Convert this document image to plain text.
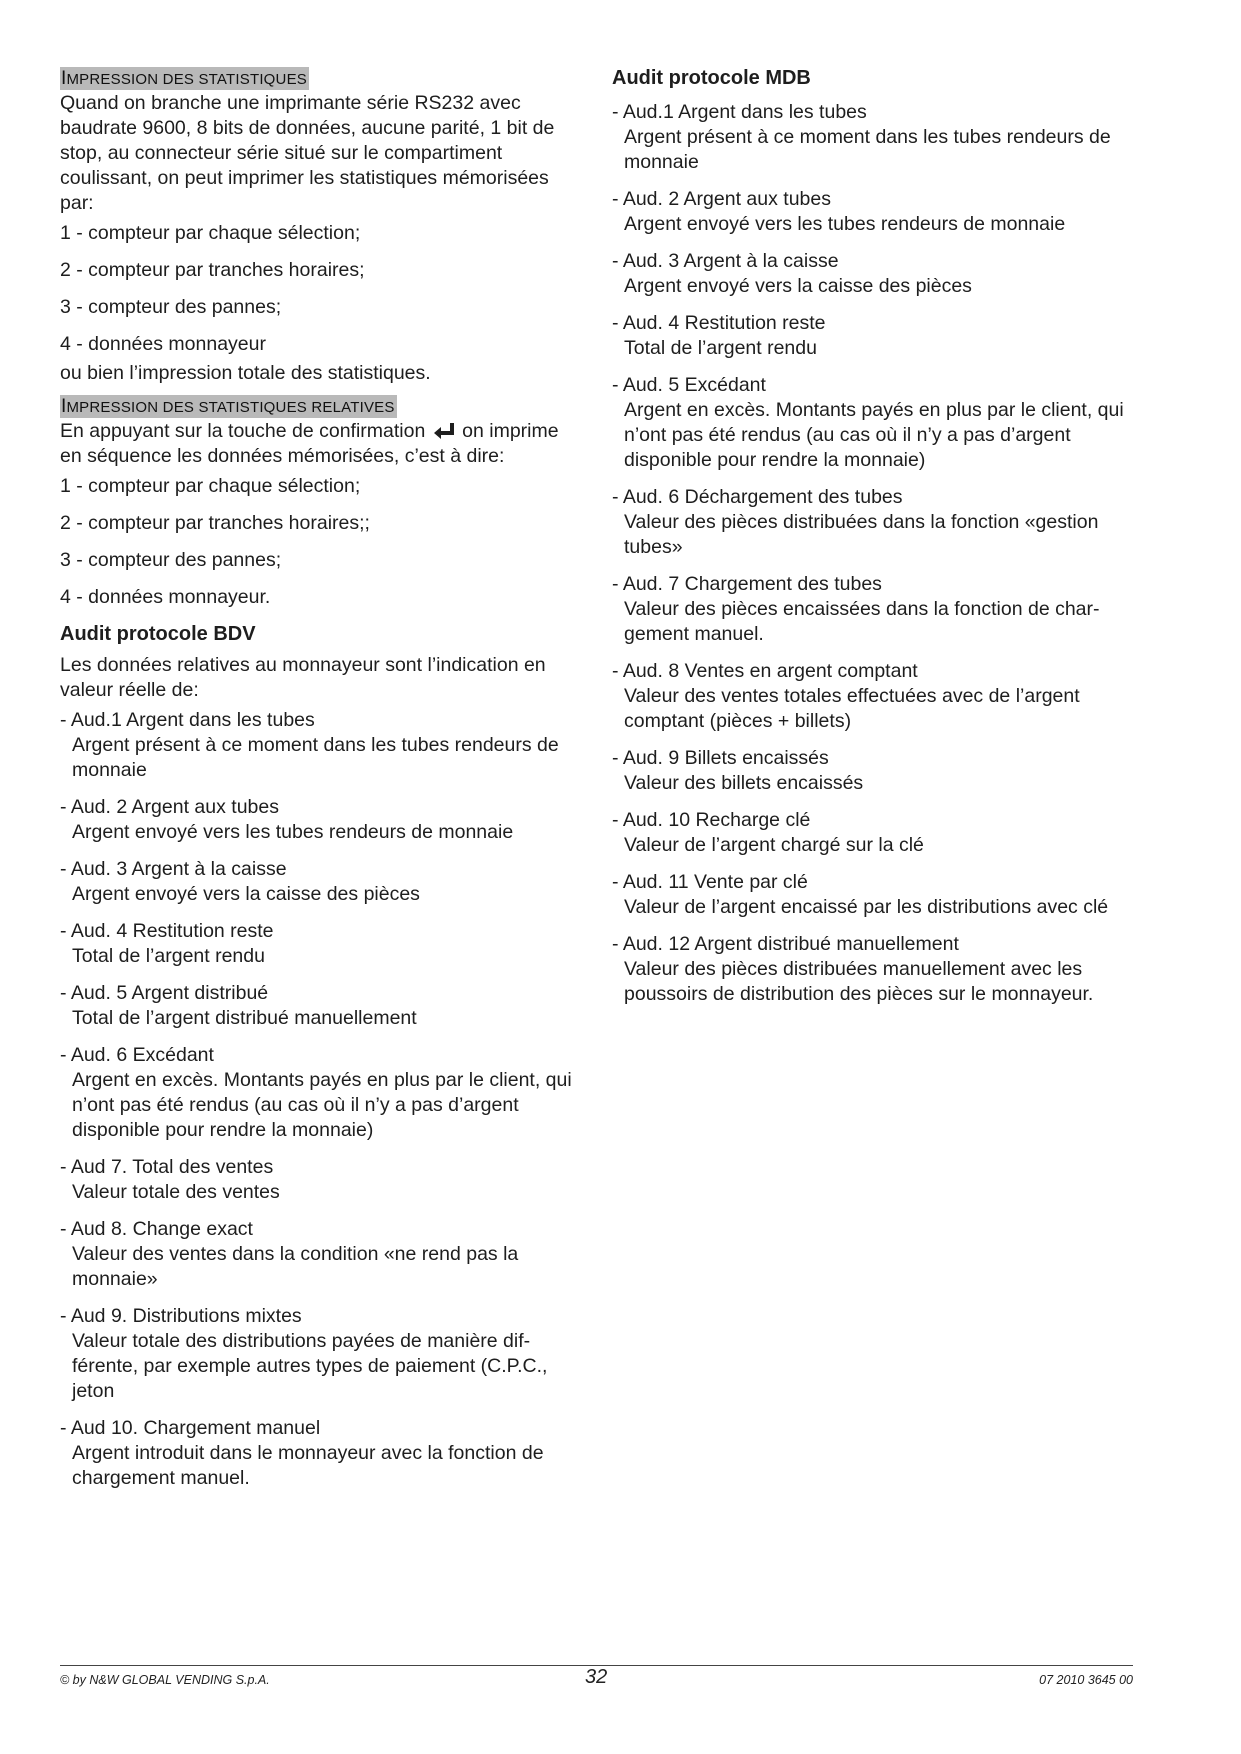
IMPRESSION DES STATISTIQUES

Quand on branche une imprimante série RS232 avec baudrate 9600, 8 bits de données, aucune parité, 1 bit de stop, au connecteur série situé sur le compartiment coulissant, on peut imprimer les statistiques mémorisées par:

1 - compteur par chaque sélection;

2 - compteur par tranches horaires;

3 - compteur des pannes;

4 - données monnayeur

ou bien l’impression totale des statistiques.

IMPRESSION DES STATISTIQUES RELATIVES

En appuyant sur la touche de confirmation on imprime en séquence les données mémorisées, c’est à dire:

1 - compteur par chaque sélection;

2 - compteur par tranches horaires;;

3 - compteur des pannes;

4 - données monnayeur.

Audit protocole BDV

Les données relatives au monnayeur sont l’indication en valeur réelle de:

- Aud.1 Argent dans les tubes

Argent présent à ce moment dans les tubes rendeurs de monnaie

- Aud. 2 Argent aux tubes

Argent envoyé vers les tubes rendeurs de monnaie

- Aud. 3 Argent à la caisse

Argent envoyé vers la caisse des pièces

- Aud. 4 Restitution reste

Total de l’argent rendu

- Aud. 5 Argent distribué

Total de l’argent distribué manuellement

- Aud. 6 Excédant

Argent en excès. Montants payés en plus par le client, qui n’ont pas été rendus (au cas où il n’y a pas d’argent disponible pour rendre la monnaie)

- Aud 7. Total des ventes

Valeur totale des ventes

- Aud 8. Change exact

Valeur des ventes dans la condition «ne rend pas la monnaie»

- Aud 9. Distributions mixtes

Valeur totale des distributions payées de manière dif-férente, par exemple autres types de paiement (C.P.C., jeton

- Aud 10. Chargement manuel

Argent introduit dans le monnayeur avec la fonction de chargement manuel.

Audit protocole MDB

- Aud.1 Argent dans les tubes

Argent présent à ce moment dans les tubes rendeurs de monnaie

- Aud. 2 Argent aux tubes

Argent envoyé vers les tubes rendeurs de monnaie

- Aud. 3 Argent à la caisse

Argent envoyé vers la caisse des pièces

- Aud. 4 Restitution reste

Total de l’argent rendu

- Aud. 5 Excédant

Argent en excès. Montants payés en plus par le client, qui n’ont pas été rendus (au cas où il n’y a pas d’argent disponible pour rendre la monnaie)

- Aud. 6 Déchargement des tubes

Valeur des pièces distribuées dans la fonction «gestion tubes»

- Aud. 7 Chargement des tubes

Valeur des pièces encaissées dans la fonction de char-gement manuel.

- Aud. 8 Ventes en argent comptant

Valeur des ventes totales effectuées avec de l’argent comptant (pièces + billets)

- Aud. 9 Billets encaissés

Valeur des billets encaissés

- Aud. 10 Recharge clé

Valeur de l’argent chargé sur la clé

- Aud. 11 Vente par clé

Valeur de l’argent encaissé par les distributions avec clé

- Aud. 12 Argent distribué manuellement

Valeur des pièces distribuées manuellement avec les poussoirs de distribution des pièces sur le monnayeur.

© by N&W GLOBAL VENDING S.p.A.	32	07 2010 3645 00
